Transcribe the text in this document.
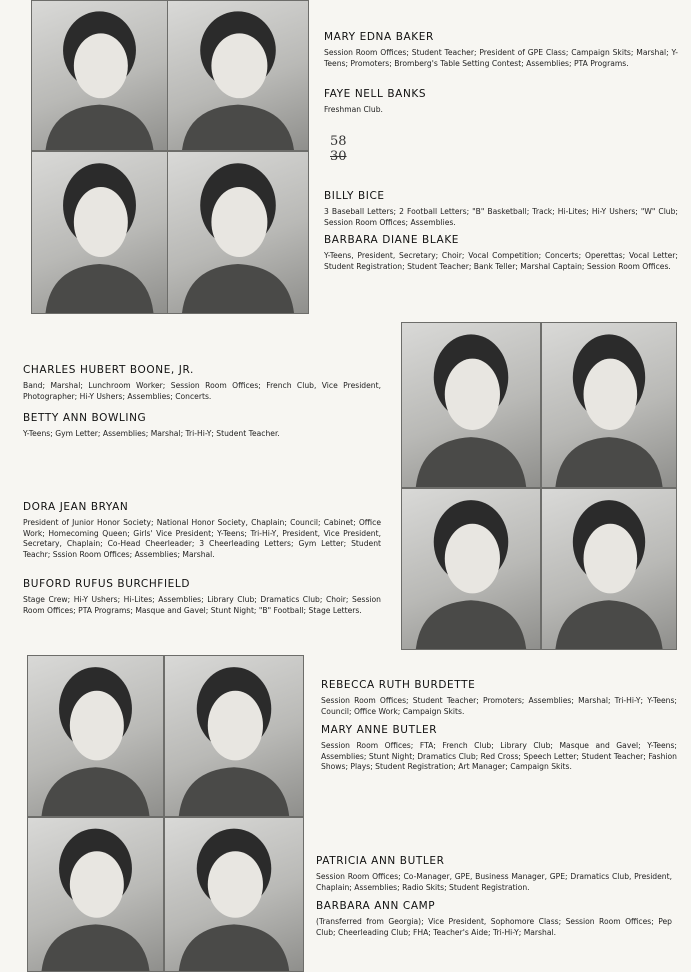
58
30
MARY EDNA BAKER

Session Room Offices; Student Teacher; President of GPE Class; Campaign Skits; Marshal; Y-Teens; Promoters; Bromberg's Table Setting Contest; Assemblies; PTA Programs.

FAYE NELL BANKS

Freshman Club.

BILLY BICE

3 Baseball Letters; 2 Football Letters; "B" Basketball; Track; Hi-Lites; Hi-Y Ushers; "W" Club; Session Room Offices; Assemblies.

BARBARA DIANE BLAKE

Y-Teens, President, Secretary; Choir; Vocal Competition; Concerts; Operettas; Vocal Letter; Student Registration; Student Teacher; Bank Teller; Marshal Captain; Session Room Offices.

CHARLES HUBERT BOONE, JR.

Band; Marshal; Lunchroom Worker; Session Room Offices; French Club, Vice President, Photographer; Hi-Y Ushers; Assemblies; Concerts.

BETTY ANN BOWLING

Y-Teens; Gym Letter; Assemblies; Marshal; Tri-Hi-Y; Student Teacher.

DORA JEAN BRYAN

President of Junior Honor Society; National Honor Society, Chaplain; Council; Cabinet; Office Work; Homecoming Queen; Girls' Vice President; Y-Teens; Tri-Hi-Y, President, Vice President, Secretary, Chaplain; Co-Head Cheerleader; 3 Cheerleading Letters; Gym Letter; Student Teachr; Sssion Room Offices; Assemblies; Marshal.

BUFORD RUFUS BURCHFIELD

Stage Crew; Hi-Y Ushers; Hi-Lites; Assemblies; Library Club; Dramatics Club; Choir; Session Room Offices; PTA Programs; Masque and Gavel; Stunt Night; "B" Football; Stage Letters.

REBECCA RUTH BURDETTE

Session Room Offices; Student Teacher; Promoters; Assemblies; Marshal; Tri-Hi-Y; Y-Teens; Council; Office Work; Campaign Skits.

MARY ANNE BUTLER

Session Room Offices; FTA; French Club; Library Club; Masque and Gavel; Y-Teens; Assemblies; Stunt Night; Dramatics Club; Red Cross; Speech Letter; Student Teacher; Fashion Shows; Plays; Student Registration; Art Manager; Campaign Skits.

PATRICIA ANN BUTLER

Session Room Offices; Co-Manager, GPE, Business Manager, GPE; Dramatics Club, President, Chaplain; Assemblies; Radio Skits; Student Registration.

BARBARA ANN CAMP

(Transferred from Georgia); Vice President, Sophomore Class; Session Room Offices; Pep Club; Cheerleading Club; FHA; Teacher's Aide; Tri-Hi-Y; Marshal.
